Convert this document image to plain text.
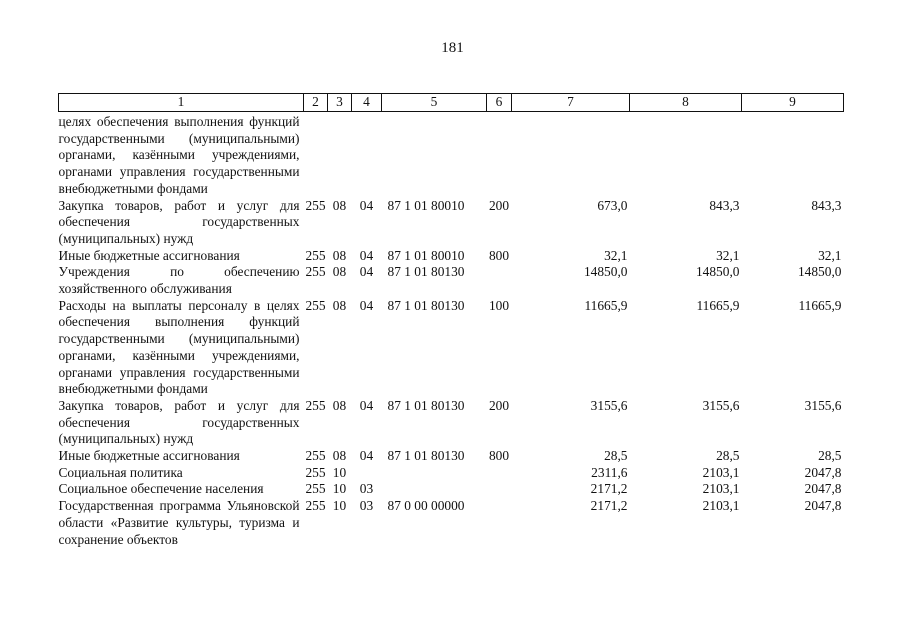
181
1	2	3	4	5	6	7	8	9
целях обеспечения выполнения функций государственными (муниципальными) органами, казёнными учреждениями, органами управления государственными внебюджетными фондами								
Закупка товаров, работ и услуг для обеспечения государственных (муниципальных) нужд	255	08	04	87 1 01 80010	200	673,0	843,3	843,3
Иные бюджетные ассигнования	255	08	04	87 1 01 80010	800	32,1	32,1	32,1
Учреждения по обеспечению хозяйственного обслуживания	255	08	04	87 1 01 80130		14850,0	14850,0	14850,0
Расходы на выплаты персоналу в целях обеспечения выполнения функций государственными (муниципальными) органами, казёнными учреждениями, органами управления государственными внебюджетными фондами	255	08	04	87 1 01 80130	100	11665,9	11665,9	11665,9
Закупка товаров, работ и услуг для обеспечения государственных (муниципальных) нужд	255	08	04	87 1 01 80130	200	3155,6	3155,6	3155,6
Иные бюджетные ассигнования	255	08	04	87 1 01 80130	800	28,5	28,5	28,5
Социальная политика	255	10				2311,6	2103,1	2047,8
Социальное обеспечение населения	255	10	03			2171,2	2103,1	2047,8
Государственная программа Ульяновской области «Развитие культуры, туризма и сохранение объектов	255	10	03	87 0 00 00000		2171,2	2103,1	2047,8
